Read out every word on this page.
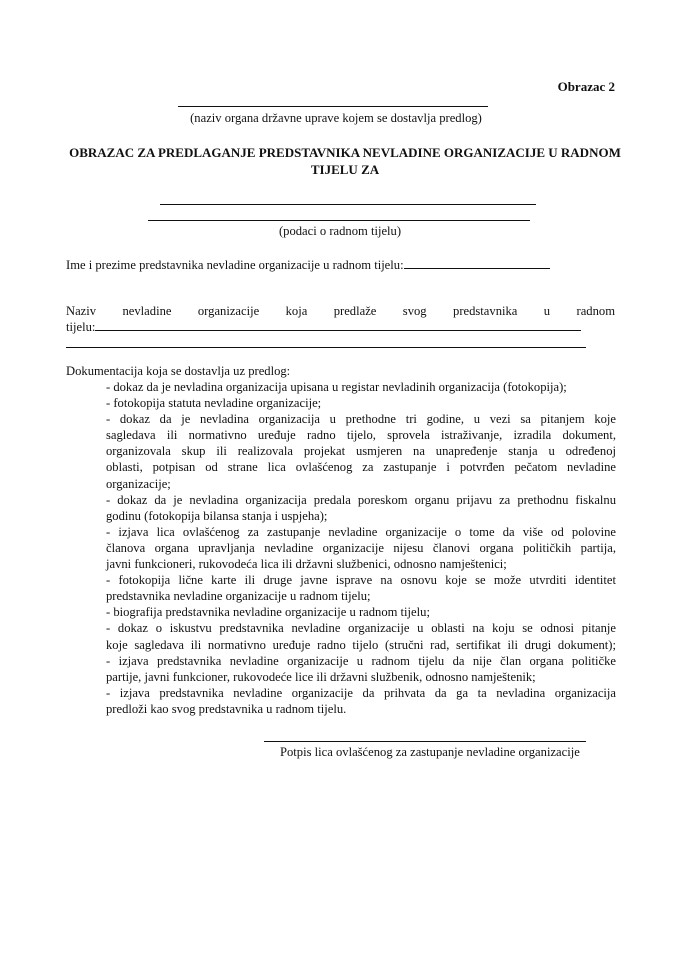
Obrazac 2
(naziv organa državne uprave kojem se dostavlja predlog)
OBRAZAC ZA PREDLAGANJE PREDSTAVNIKA NEVLADINE ORGANIZACIJE U RADNOM TIJELU ZA
(podaci o radnom tijelu)
Ime i prezime predstavnika nevladine organizacije u radnom tijelu:
Naziv nevladine organizacije koja predlaže svog predstavnika u radnom
tijelu:
Dokumentacija koja se dostavlja uz predlog:
- dokaz da je nevladina organizacija upisana u registar nevladinih organizacija (fotokopija);
- fotokopija statuta nevladine organizacije;
- dokaz da je nevladina organizacija u prethodne tri godine, u vezi sa pitanjem koje
sagledava ili normativno uređuje radno tijelo, sprovela istraživanje, izradila dokument,
organizovala skup ili realizovala projekat usmjeren na unapređenje stanja u određenoj
oblasti, potpisan od strane lica ovlašćenog za zastupanje i potvrđen pečatom nevladine
organizacije;
- dokaz da je nevladina organizacija predala poreskom organu prijavu za prethodnu fiskalnu
godinu (fotokopija bilansa stanja i uspjeha);
- izjava lica ovlašćenog za zastupanje nevladine organizacije o tome da više od polovine
članova organa upravljanja nevladine organizacije nijesu članovi organa političkih partija,
javni funkcioneri, rukovodeća lica ili državni službenici, odnosno namještenici;
- fotokopija lične karte ili druge javne isprave na osnovu koje se može utvrditi identitet
predstavnika nevladine organizacije u radnom tijelu;
- biografija predstavnika nevladine organizacije u radnom tijelu;
- dokaz o iskustvu predstavnika nevladine organizacije u oblasti na koju se odnosi pitanje
koje sagledava ili normativno uređuje radno tijelo (stručni rad, sertifikat ili drugi dokument);
- izjava predstavnika nevladine organizacije u radnom tijelu da nije član organa političke
partije, javni funkcioner, rukovodeće lice ili državni službenik, odnosno namještenik;
- izjava predstavnika nevladine organizacije da prihvata da ga ta nevladina organizacija
predloži kao svog predstavnika u radnom tijelu.
Potpis lica ovlašćenog za zastupanje nevladine organizacije
